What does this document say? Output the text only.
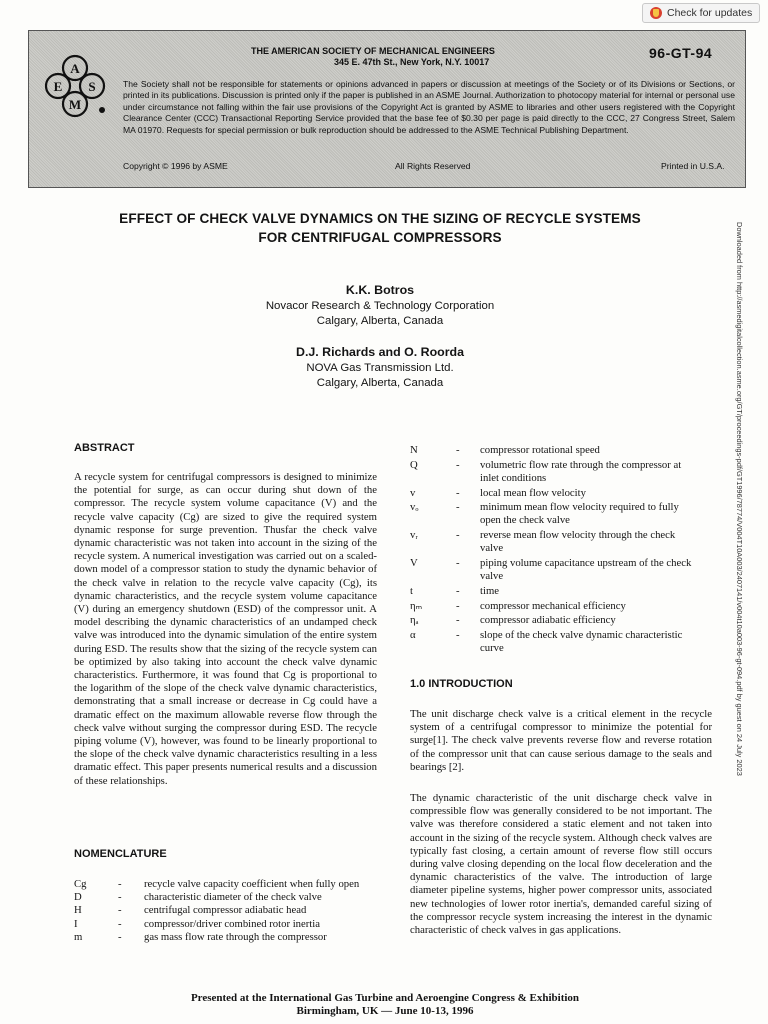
Check for updates
A
E S
M
THE AMERICAN SOCIETY OF MECHANICAL ENGINEERS
345 E. 47th St., New York, N.Y. 10017
96-GT-94
The Society shall not be responsible for statements or opinions advanced in papers or discussion at meetings of the Society or of its Divisions or Sections, or printed in its publications. Discussion is printed only if the paper is published in an ASME Journal. Authorization to photocopy material for internal or personal use under circumstance not falling within the fair use provisions of the Copyright Act is granted by ASME to libraries and other users registered with the Copyright Clearance Center (CCC) Transactional Reporting Service provided that the base fee of $0.30 per page is paid directly to the CCC, 27 Congress Street, Salem MA 01970. Requests for special permission or bulk reproduction should be addressed to the ASME Technical Publishing Department.
Copyright © 1996 by ASME	All Rights Reserved	Printed in U.S.A.
Downloaded from http://asmedigitalcollection.asme.org/GT/proceedings-pdf/GT1996/78774/V004T10A003/2407141/v004t10a003-96-gt-094.pdf by guest on 24 July 2023
EFFECT OF CHECK VALVE DYNAMICS ON THE SIZING OF RECYCLE SYSTEMS
FOR CENTRIFUGAL COMPRESSORS
K.K. Botros
Novacor Research & Technology Corporation
Calgary, Alberta, Canada
D.J. Richards and O. Roorda
NOVA Gas Transmission Ltd.
Calgary, Alberta, Canada
ABSTRACT
A recycle system for centrifugal compressors is designed to minimize the potential for surge, as can occur during shut down of the compressor. The recycle system volume capacitance (V) and the recycle valve capacity (Cg) are sized to give the required system dynamic response for surge prevention. Thusfar the check valve dynamic characteristic was not taken into account in the sizing of the recycle system. A numerical investigation was carried out on a scaled-down model of a compressor station to study the dynamic behavior of the check valve in relation to the recycle valve capacity (Cg), its dynamic characteristics, and the recycle system volume capacitance (V) during an emergency shutdown (ESD) of the compressor unit. A model describing the dynamic characteristics of an undamped check valve was introduced into the dynamic simulation of the entire system during ESD. The results show that the sizing of the recycle system can be optimized by also taking into account the check valve dynamic characteristics. Furthermore, it was found that Cg is proportional to the logarithm of the slope of the check valve dynamic characteristics, demonstrating that a small increase or decrease in Cg could have a dramatic effect on the maximum allowable reverse flow through the check valve without surging the compressor during ESD. The recycle piping volume (V), however, was found to be linearly proportional to the slope of the check valve dynamic characteristics resulting in a less dramatic effect. This paper presents numerical results and a discussion of these relationships.
NOMENCLATURE
Cg	- recycle valve capacity coefficient when fully open
D	- characteristic diameter of the check valve
H	- centrifugal compressor adiabatic head
I	- compressor/driver combined rotor inertia
m	- gas mass flow rate through the compressor
N	- compressor rotational speed
Q	- volumetric flow rate through the compressor at
inlet conditions
v	- local mean flow velocity
vₒ	- minimum mean flow velocity required to fully
open the check valve
vᵣ	- reverse mean flow velocity through the check
valve
V	- piping volume capacitance upstream of the check
valve
t	- time
ηₘ	- compressor mechanical efficiency
ηₐ	- compressor adiabatic efficiency
α	- slope of the check valve dynamic characteristic
curve
1.0 INTRODUCTION
The unit discharge check valve is a critical element in the recycle system of a centrifugal compressor to minimize the potential for surge[1]. The check valve prevents reverse flow and reverse rotation of the compressor unit that can cause serious damage to the seals and bearings [2].
The dynamic characteristic of the unit discharge check valve in compressible flow was generally considered to be not important. The valve was therefore considered a static element and not taken into account in the sizing of the recycle system. Although check valves are typically fast closing, a certain amount of reverse flow still occurs during valve closing depending on the local flow deceleration and the dynamic characteristics of the valve. The introduction of large diameter pipeline systems, higher power compressor units, associated new technologies of lower rotor inertia's, demanded careful sizing of the compressor recycle system increasing the interest in the dynamic characteristic of check valves in gas applications.
Presented at the International Gas Turbine and Aeroengine Congress & Exhibition
Birmingham, UK — June 10-13, 1996
